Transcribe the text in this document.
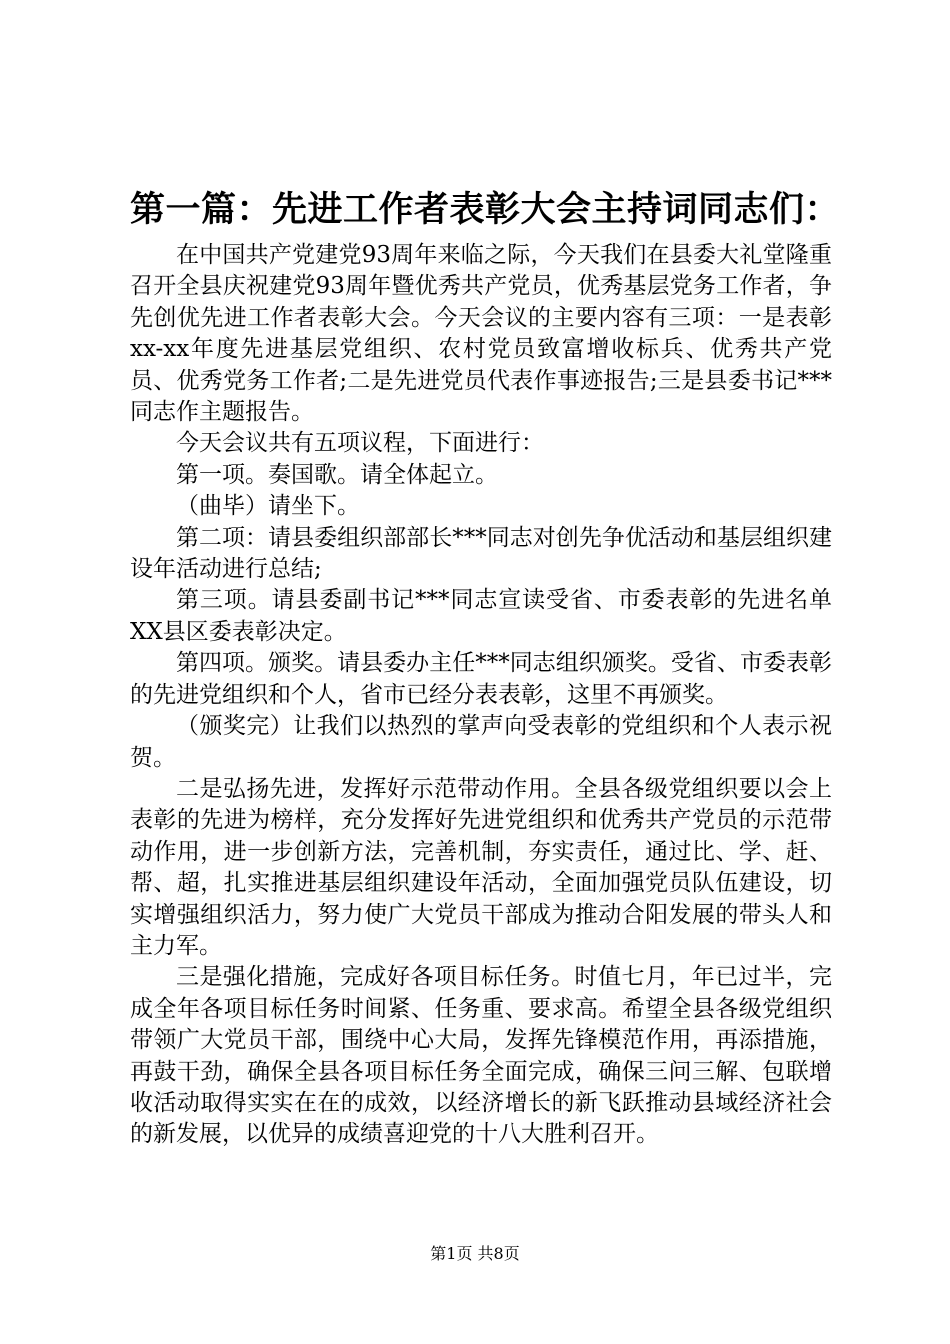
第一篇：先进工作者表彰大会主持词同志们：

在中国共产党建党93周年来临之际，今天我们在县委大礼堂隆重召开全县庆祝建党93周年暨优秀共产党员，优秀基层党务工作者，争先创优先进工作者表彰大会。今天会议的主要内容有三项：一是表彰xx-xx年度先进基层党组织、农村党员致富增收标兵、优秀共产党员、优秀党务工作者;二是先进党员代表作事迹报告;三是县委书记***同志作主题报告。

今天会议共有五项议程，下面进行：

第一项。奏国歌。请全体起立。

（曲毕）请坐下。

第二项：请县委组织部部长***同志对创先争优活动和基层组织建设年活动进行总结;

第三项。请县委副书记***同志宣读受省、市委表彰的先进名单XX县区委表彰决定。

第四项。颁奖。请县委办主任***同志组织颁奖。受省、市委表彰的先进党组织和个人，省市已经分表表彰，这里不再颁奖。

（颁奖完）让我们以热烈的掌声向受表彰的党组织和个人表示祝贺。

二是弘扬先进，发挥好示范带动作用。全县各级党组织要以会上表彰的先进为榜样，充分发挥好先进党组织和优秀共产党员的示范带动作用，进一步创新方法，完善机制，夯实责任，通过比、学、赶、帮、超，扎实推进基层组织建设年活动，全面加强党员队伍建设，切实增强组织活力，努力使广大党员干部成为推动合阳发展的带头人和主力军。

三是强化措施，完成好各项目标任务。时值七月，年已过半，完成全年各项目标任务时间紧、任务重、要求高。希望全县各级党组织带领广大党员干部，围绕中心大局，发挥先锋模范作用，再添措施，再鼓干劲，确保全县各项目标任务全面完成，确保三问三解、包联增收活动取得实实在在的成效，以经济增长的新飞跃推动县域经济社会的新发展，以优异的成绩喜迎党的十八大胜利召开。

第1页 共8页
